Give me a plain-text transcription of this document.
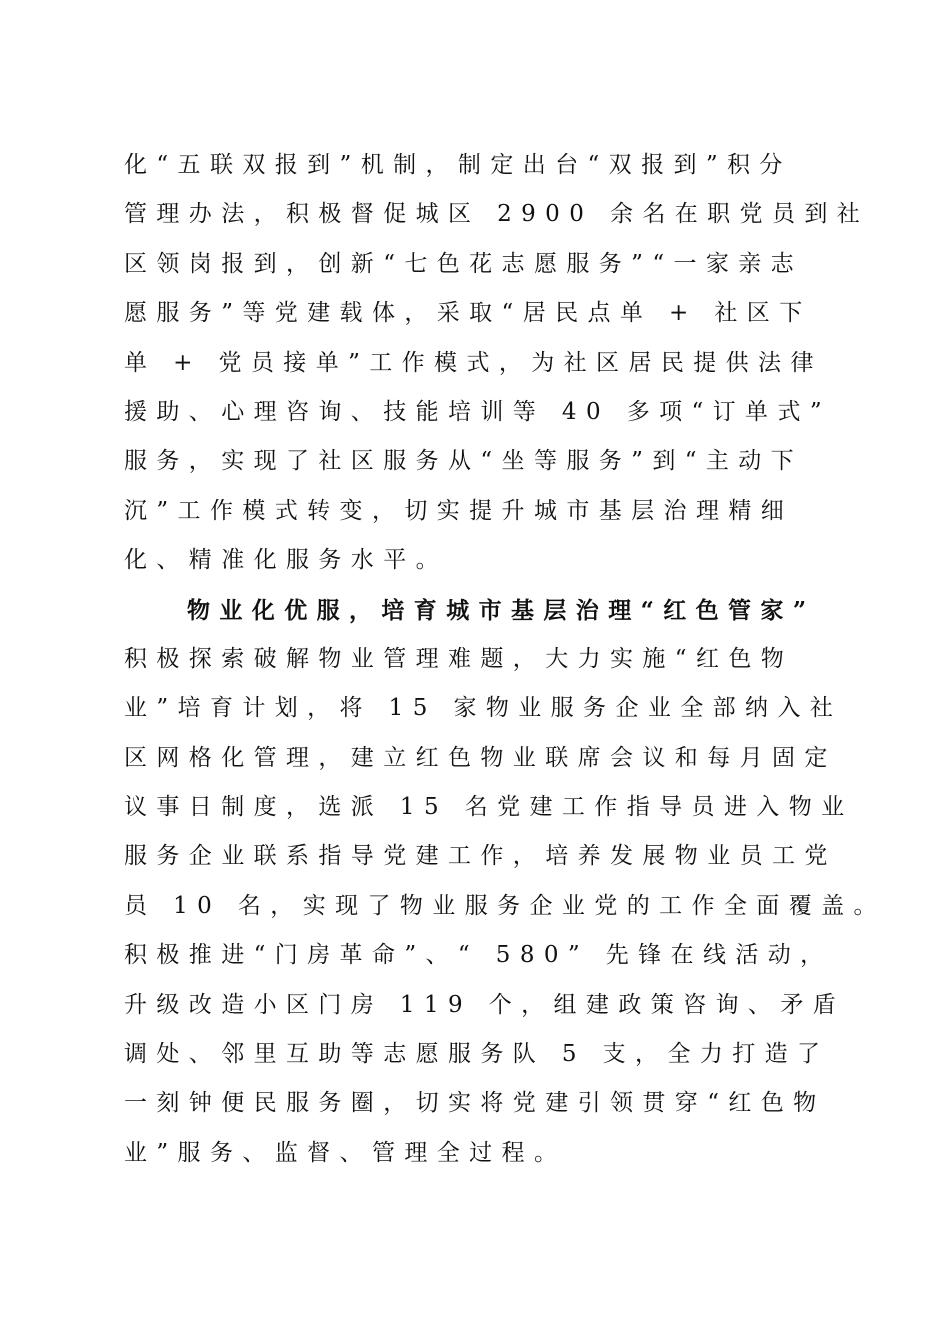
化“五联双报到”机制，制定出台“双报到”积分
管理办法，积极督促城区 2900 余名在职党员到社
区领岗报到，创新“七色花志愿服务”“一家亲志
愿服务”等党建载体，采取“居民点单 + 社区下
单 + 党员接单”工作模式，为社区居民提供法律
援助、心理咨询、技能培训等 40 多项“订单式”
服务，实现了社区服务从“坐等服务”到“主动下
沉”工作模式转变，切实提升城市基层治理精细
化、精准化服务水平。
物业化优服，培育城市基层治理“红色管家”
积极探索破解物业管理难题，大力实施“红色物
业”培育计划，将 15 家物业服务企业全部纳入社
区网格化管理，建立红色物业联席会议和每月固定
议事日制度，选派 15 名党建工作指导员进入物业
服务企业联系指导党建工作，培养发展物业员工党
员 10 名，实现了物业服务企业党的工作全面覆盖。
积极推进“门房革命”、“ 580” 先锋在线活动，
升级改造小区门房 119 个，组建政策咨询、矛盾
调处、邻里互助等志愿服务队 5 支，全力打造了
一刻钟便民服务圈，切实将党建引领贯穿“红色物
业”服务、监督、管理全过程。
